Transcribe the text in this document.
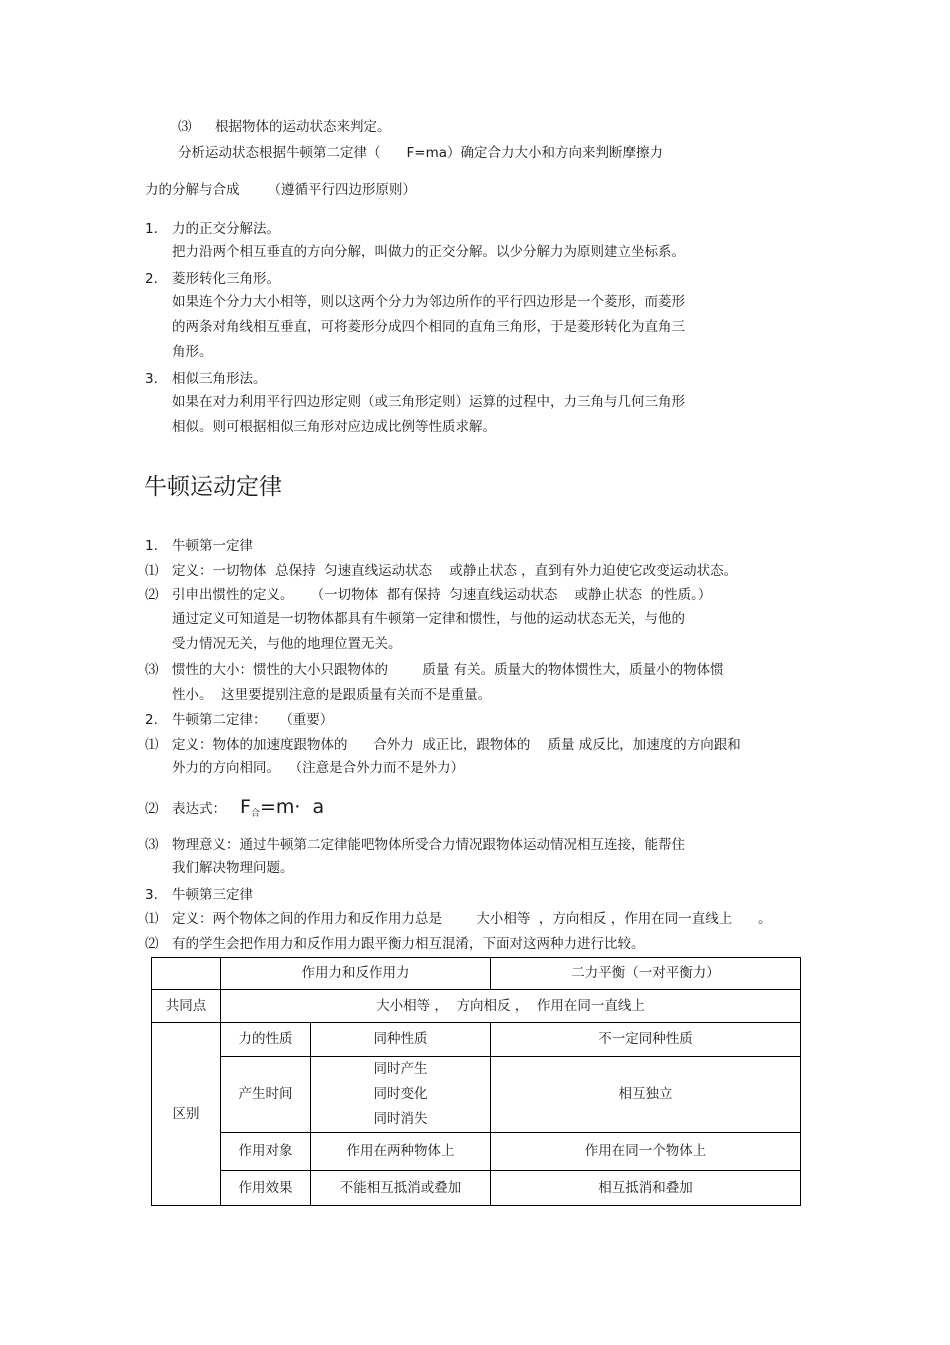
⑶ 根据物体的运动状态来判定。
分析运动状态根据牛顿第二定律（ F=ma）确定合力大小和方向来判断摩擦力
力的分解与合成 （遵循平行四边形原则）
1. 力的正交分解法。
把力沿两个相互垂直的方向分解，叫做力的正交分解。以少分解力为原则建立坐标系。
2. 菱形转化三角形。
如果连个分力大小相等，则以这两个分力为邻边所作的平行四边形是一个菱形，而菱形
的两条对角线相互垂直，可将菱形分成四个相同的直角三角形，于是菱形转化为直角三
角形。
3. 相似三角形法。
如果在对力利用平行四边形定则（或三角形定则）运算的过程中，力三角与几何三角形
相似。则可根据相似三角形对应边成比例等性质求解。
牛顿运动定律
1. 牛顿第一定律
⑴ 定义：一切物体  总保持  匀速直线运动状态    或静止状态 ，直到有外力迫使它改变运动状态。
⑵ 引申出惯性的定义。    （一切物体  都有保持  匀速直线运动状态    或静止状态  的性质。）
通过定义可知道是一切物体都具有牛顿第一定律和惯性，与他的运动状态无关，与他的
受力情况无关，与他的地理位置无关。
⑶ 惯性的大小：惯性的大小只跟物体的        质量 有关。质量大的物体惯性大，质量小的物体惯
性小。  这里要提别注意的是跟质量有关而不是重量。
2. 牛顿第二定律：   （重要）
⑴ 定义：物体的加速度跟物体的      合外力  成正比，跟物体的    质量 成反比，加速度的方向跟和
外力的方向相同。  （注意是合外力而不是外力）
⑵ 表达式： F合=m·  a
⑶ 物理意义：通过牛顿第二定律能吧物体所受合力情况跟物体运动情况相互连接，能帮住
我们解决物理问题。
3. 牛顿第三定律
⑴ 定义：两个物体之间的作用力和反作用力总是        大小相等  ，方向相反 ，作用在同一直线上      。
⑵ 有的学生会把作用力和反作用力跟平衡力相互混淆，下面对这两种力进行比较。
	作用力和反作用力		二力平衡（一对平衡力）
共同点	大小相等 ，  方向相反 ，  作用在同一直线上		
区别	力的性质	同种性质	不一定同种性质
	产生时间	同时产生
同时变化
同时消失	相互独立
	作用对象	作用在两种物体上	作用在同一个物体上
	作用效果	不能相互抵消或叠加	相互抵消和叠加
